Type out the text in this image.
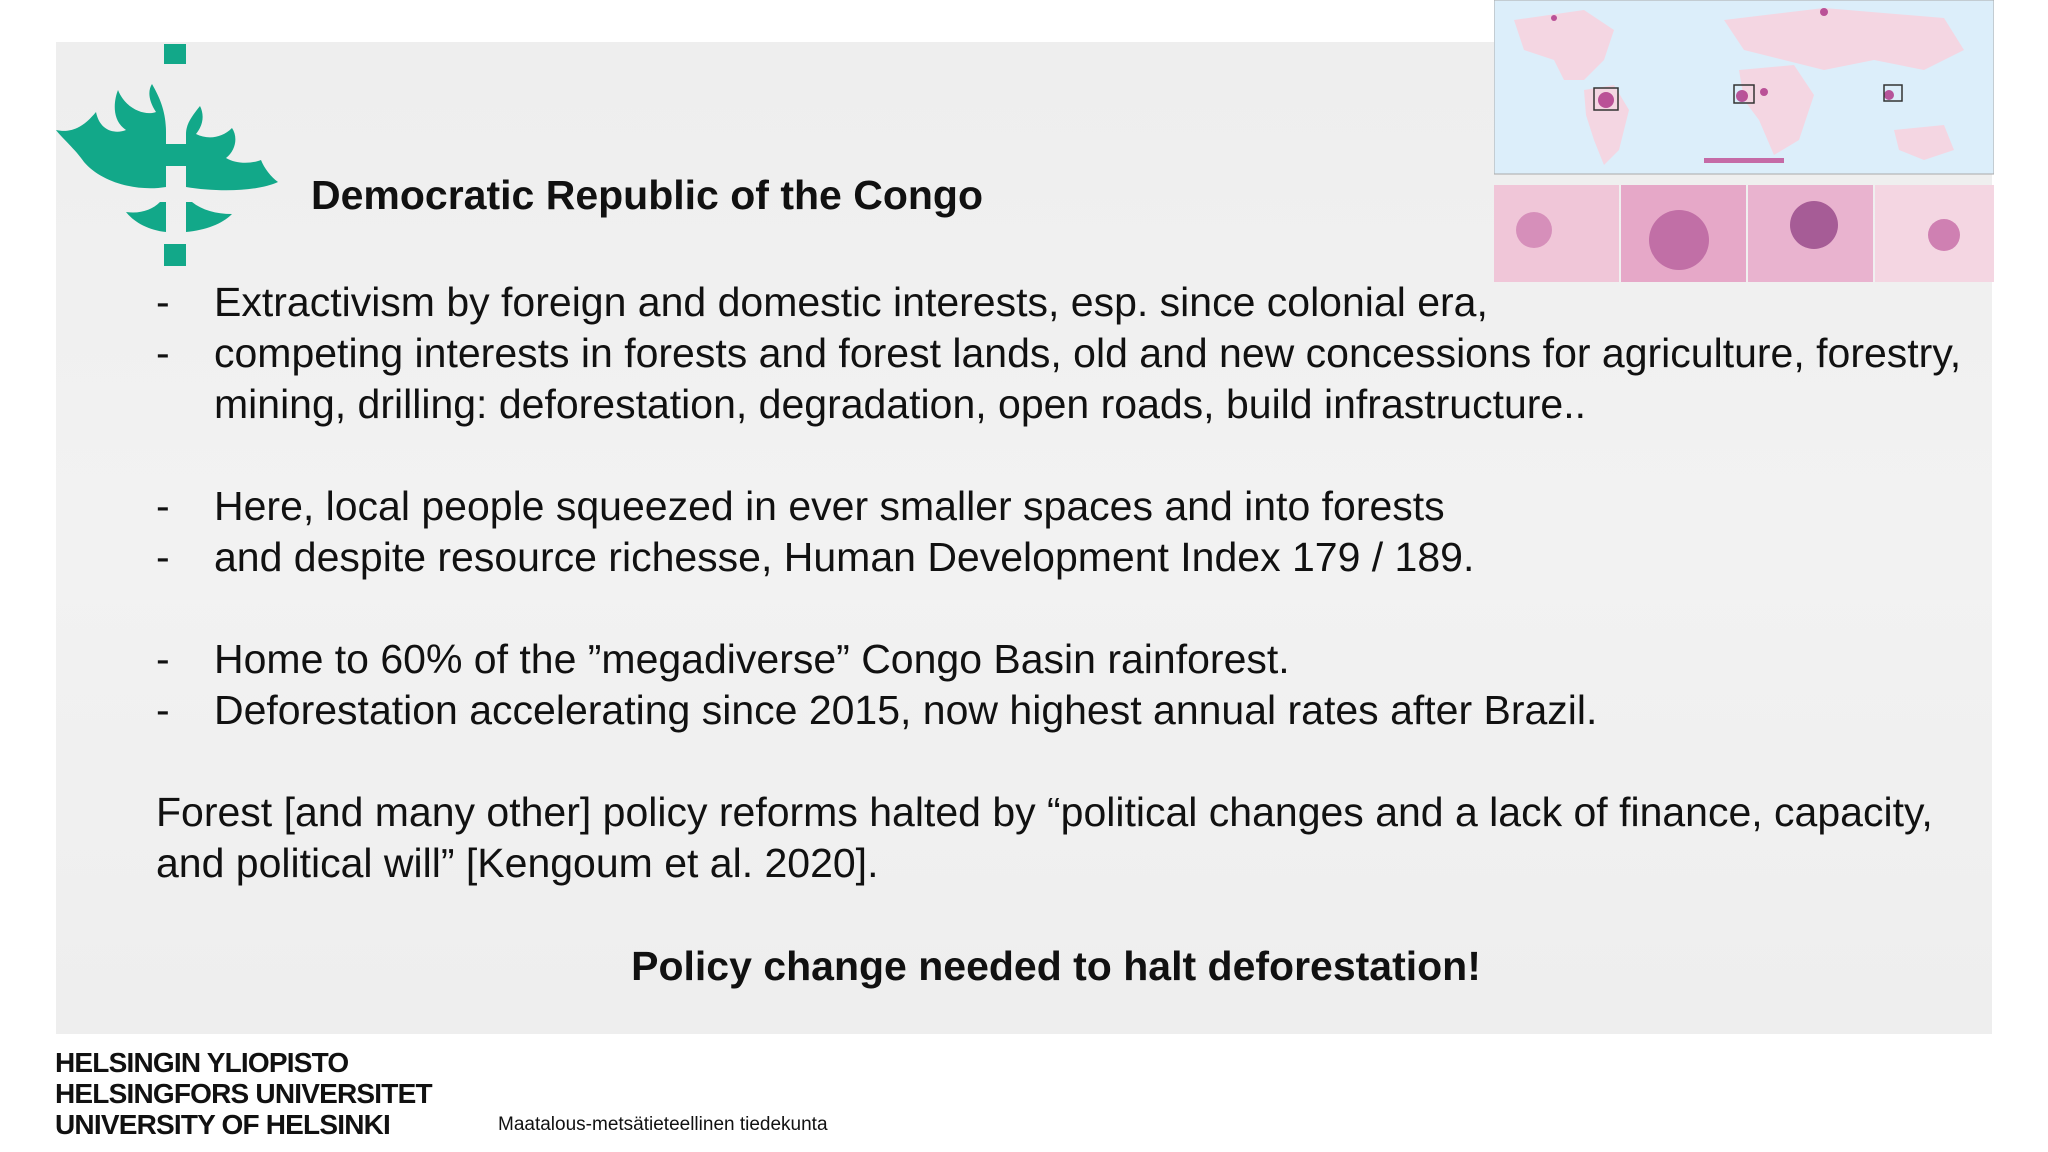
Democratic Republic of the Congo
-	Extractivism by foreign and domestic interests, esp. since colonial era,
-	competing interests in forests and forest lands, old and new concessions for agriculture, forestry, mining, drilling: deforestation, degradation, open roads, build infrastructure..
-	Here, local people squeezed in ever smaller spaces and into forests
-	and despite resource richesse, Human Development Index 179 / 189.
-	Home to 60% of the ”megadiverse” Congo Basin rainforest.
-	Deforestation accelerating since 2015, now highest annual rates after Brazil.
Forest [and many other] policy reforms halted by “political changes and a lack of finance, capacity, and political will” [Kengoum et al. 2020].
Policy change needed to halt deforestation!
HELSINGIN YLIOPISTO
HELSINGFORS UNIVERSITET
UNIVERSITY OF HELSINKI	Maatalous-metsätieteellinen tiedekunta
